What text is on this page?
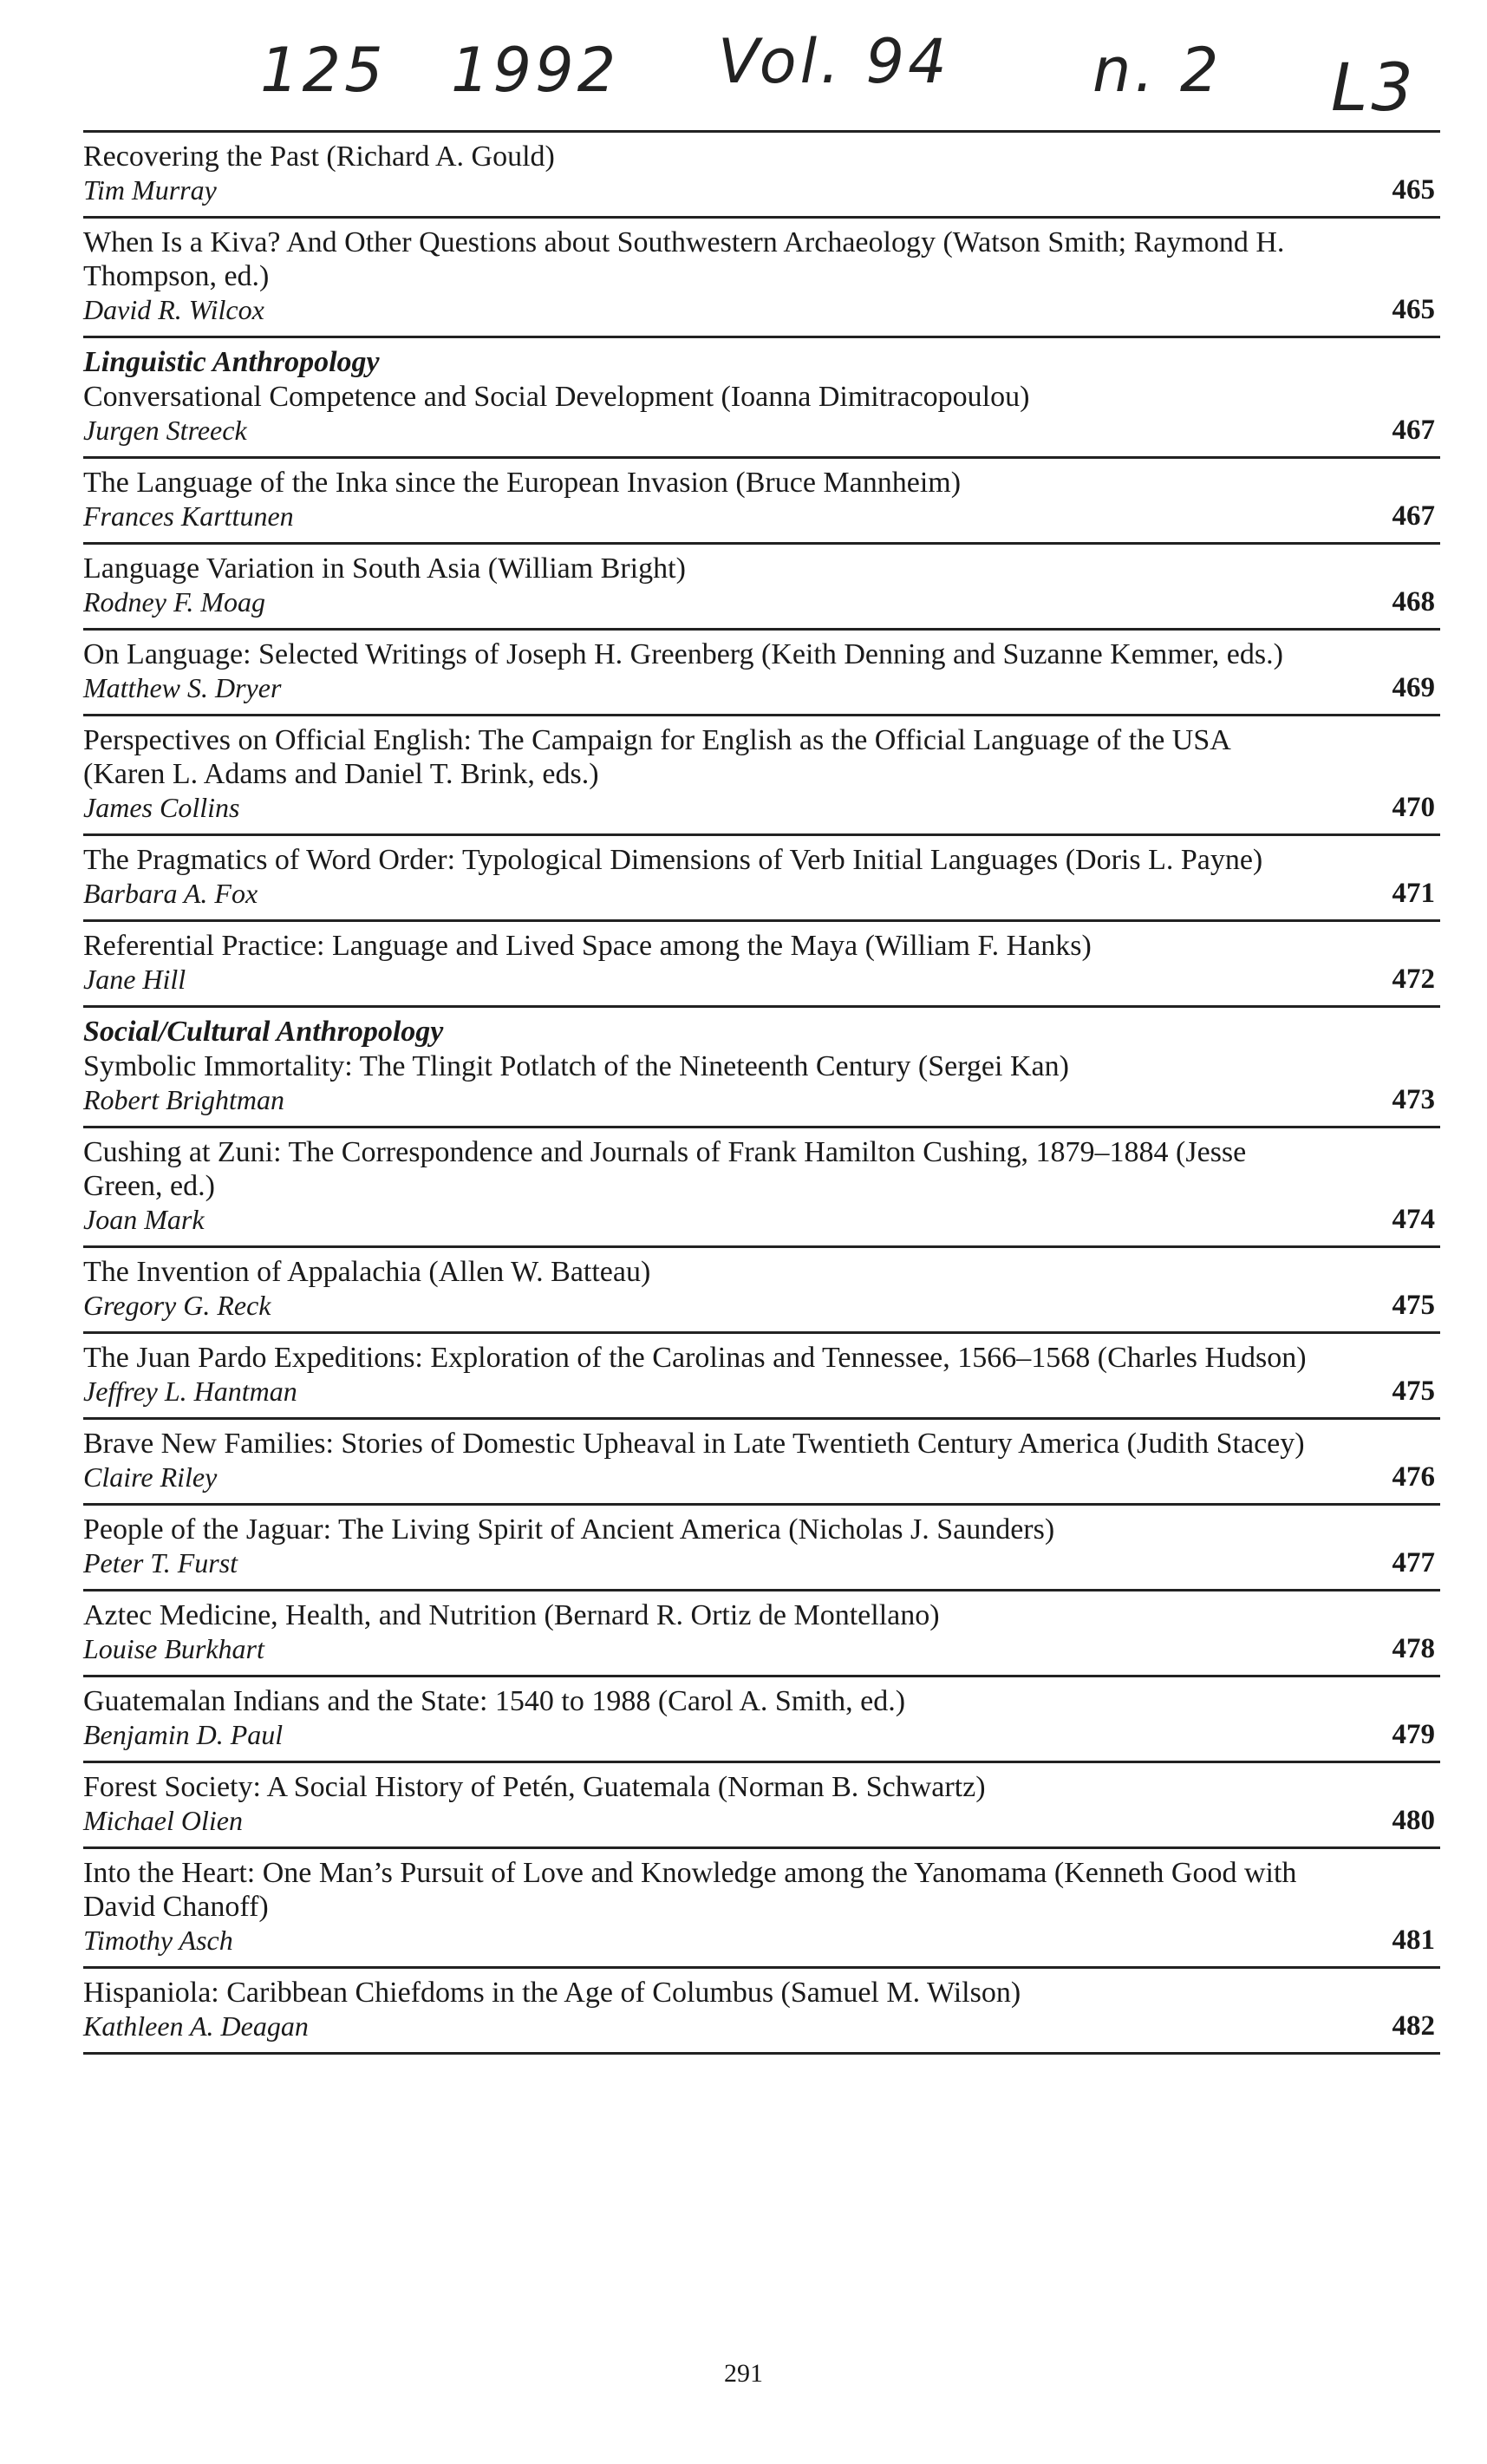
125 1992 Vol. 94 n. 2 L3
Recovering the Past (Richard A. Gould)
Tim Murray	465
When Is a Kiva? And Other Questions about Southwestern Archaeology (Watson Smith; Raymond H. Thompson, ed.)
David R. Wilcox	465
Linguistic Anthropology
Conversational Competence and Social Development (Ioanna Dimitracopoulou)
Jurgen Streeck	467
The Language of the Inka since the European Invasion (Bruce Mannheim)
Frances Karttunen	467
Language Variation in South Asia (William Bright)
Rodney F. Moag	468
On Language: Selected Writings of Joseph H. Greenberg (Keith Denning and Suzanne Kemmer, eds.)
Matthew S. Dryer	469
Perspectives on Official English: The Campaign for English as the Official Language of the USA (Karen L. Adams and Daniel T. Brink, eds.)
James Collins	470
The Pragmatics of Word Order: Typological Dimensions of Verb Initial Languages (Doris L. Payne)
Barbara A. Fox	471
Referential Practice: Language and Lived Space among the Maya (William F. Hanks)
Jane Hill	472
Social/Cultural Anthropology
Symbolic Immortality: The Tlingit Potlatch of the Nineteenth Century (Sergei Kan)
Robert Brightman	473
Cushing at Zuni: The Correspondence and Journals of Frank Hamilton Cushing, 1879–1884 (Jesse Green, ed.)
Joan Mark	474
The Invention of Appalachia (Allen W. Batteau)
Gregory G. Reck	475
The Juan Pardo Expeditions: Exploration of the Carolinas and Tennessee, 1566–1568 (Charles Hudson)
Jeffrey L. Hantman	475
Brave New Families: Stories of Domestic Upheaval in Late Twentieth Century America (Judith Stacey)
Claire Riley	476
People of the Jaguar: The Living Spirit of Ancient America (Nicholas J. Saunders)
Peter T. Furst	477
Aztec Medicine, Health, and Nutrition (Bernard R. Ortiz de Montellano)
Louise Burkhart	478
Guatemalan Indians and the State: 1540 to 1988 (Carol A. Smith, ed.)
Benjamin D. Paul	479
Forest Society: A Social History of Petén, Guatemala (Norman B. Schwartz)
Michael Olien	480
Into the Heart: One Man’s Pursuit of Love and Knowledge among the Yanomama (Kenneth Good with David Chanoff)
Timothy Asch	481
Hispaniola: Caribbean Chiefdoms in the Age of Columbus (Samuel M. Wilson)
Kathleen A. Deagan	482
291
